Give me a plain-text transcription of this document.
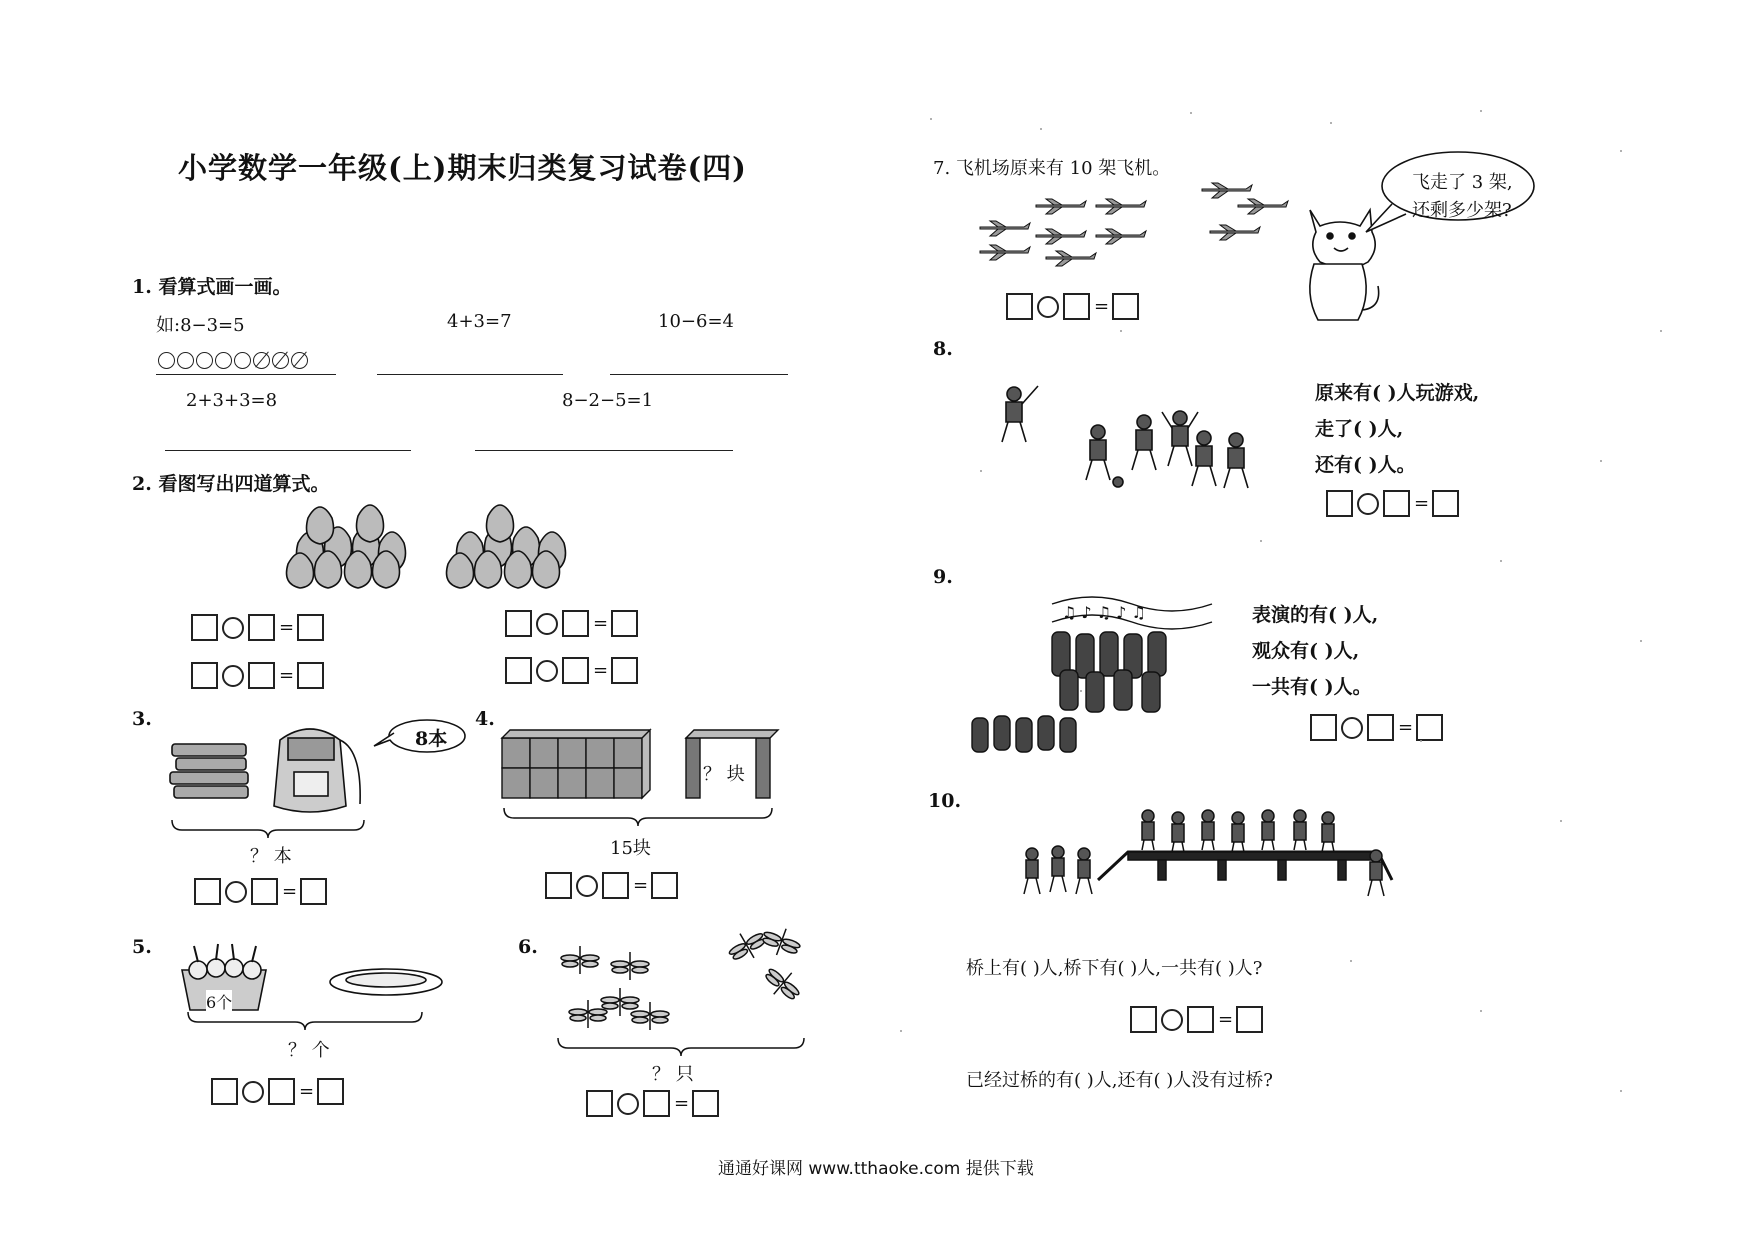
小学数学一年级(上)期末归类复习试卷(四)
1. 看算式画一画。
如:8−3=5	4+3=7	10−6=4
2+3+3=8	8−2−5=1
2. 看图写出四道算式。
=
=
=
=
3.
8本
？ 本
=
4.
？ 块
15块
=
5.
6个
？ 个
=
6.
？ 只
=
7. 飞机场原来有 10 架飞机。
飞走了 3 架,
还剩多少架?
=
8.
原来有( )人玩游戏,
走了( )人,
还有( )人。
=
9.
♫ ♪ ♫ ♪ ♫	表演的有( )人,
观众有( )人,
一共有( )人。
=
10.
桥上有( )人,桥下有( )人,一共有( )人?
=
已经过桥的有( )人,还有( )人没有过桥?
通通好课网 www.tthaoke.com 提供下载
